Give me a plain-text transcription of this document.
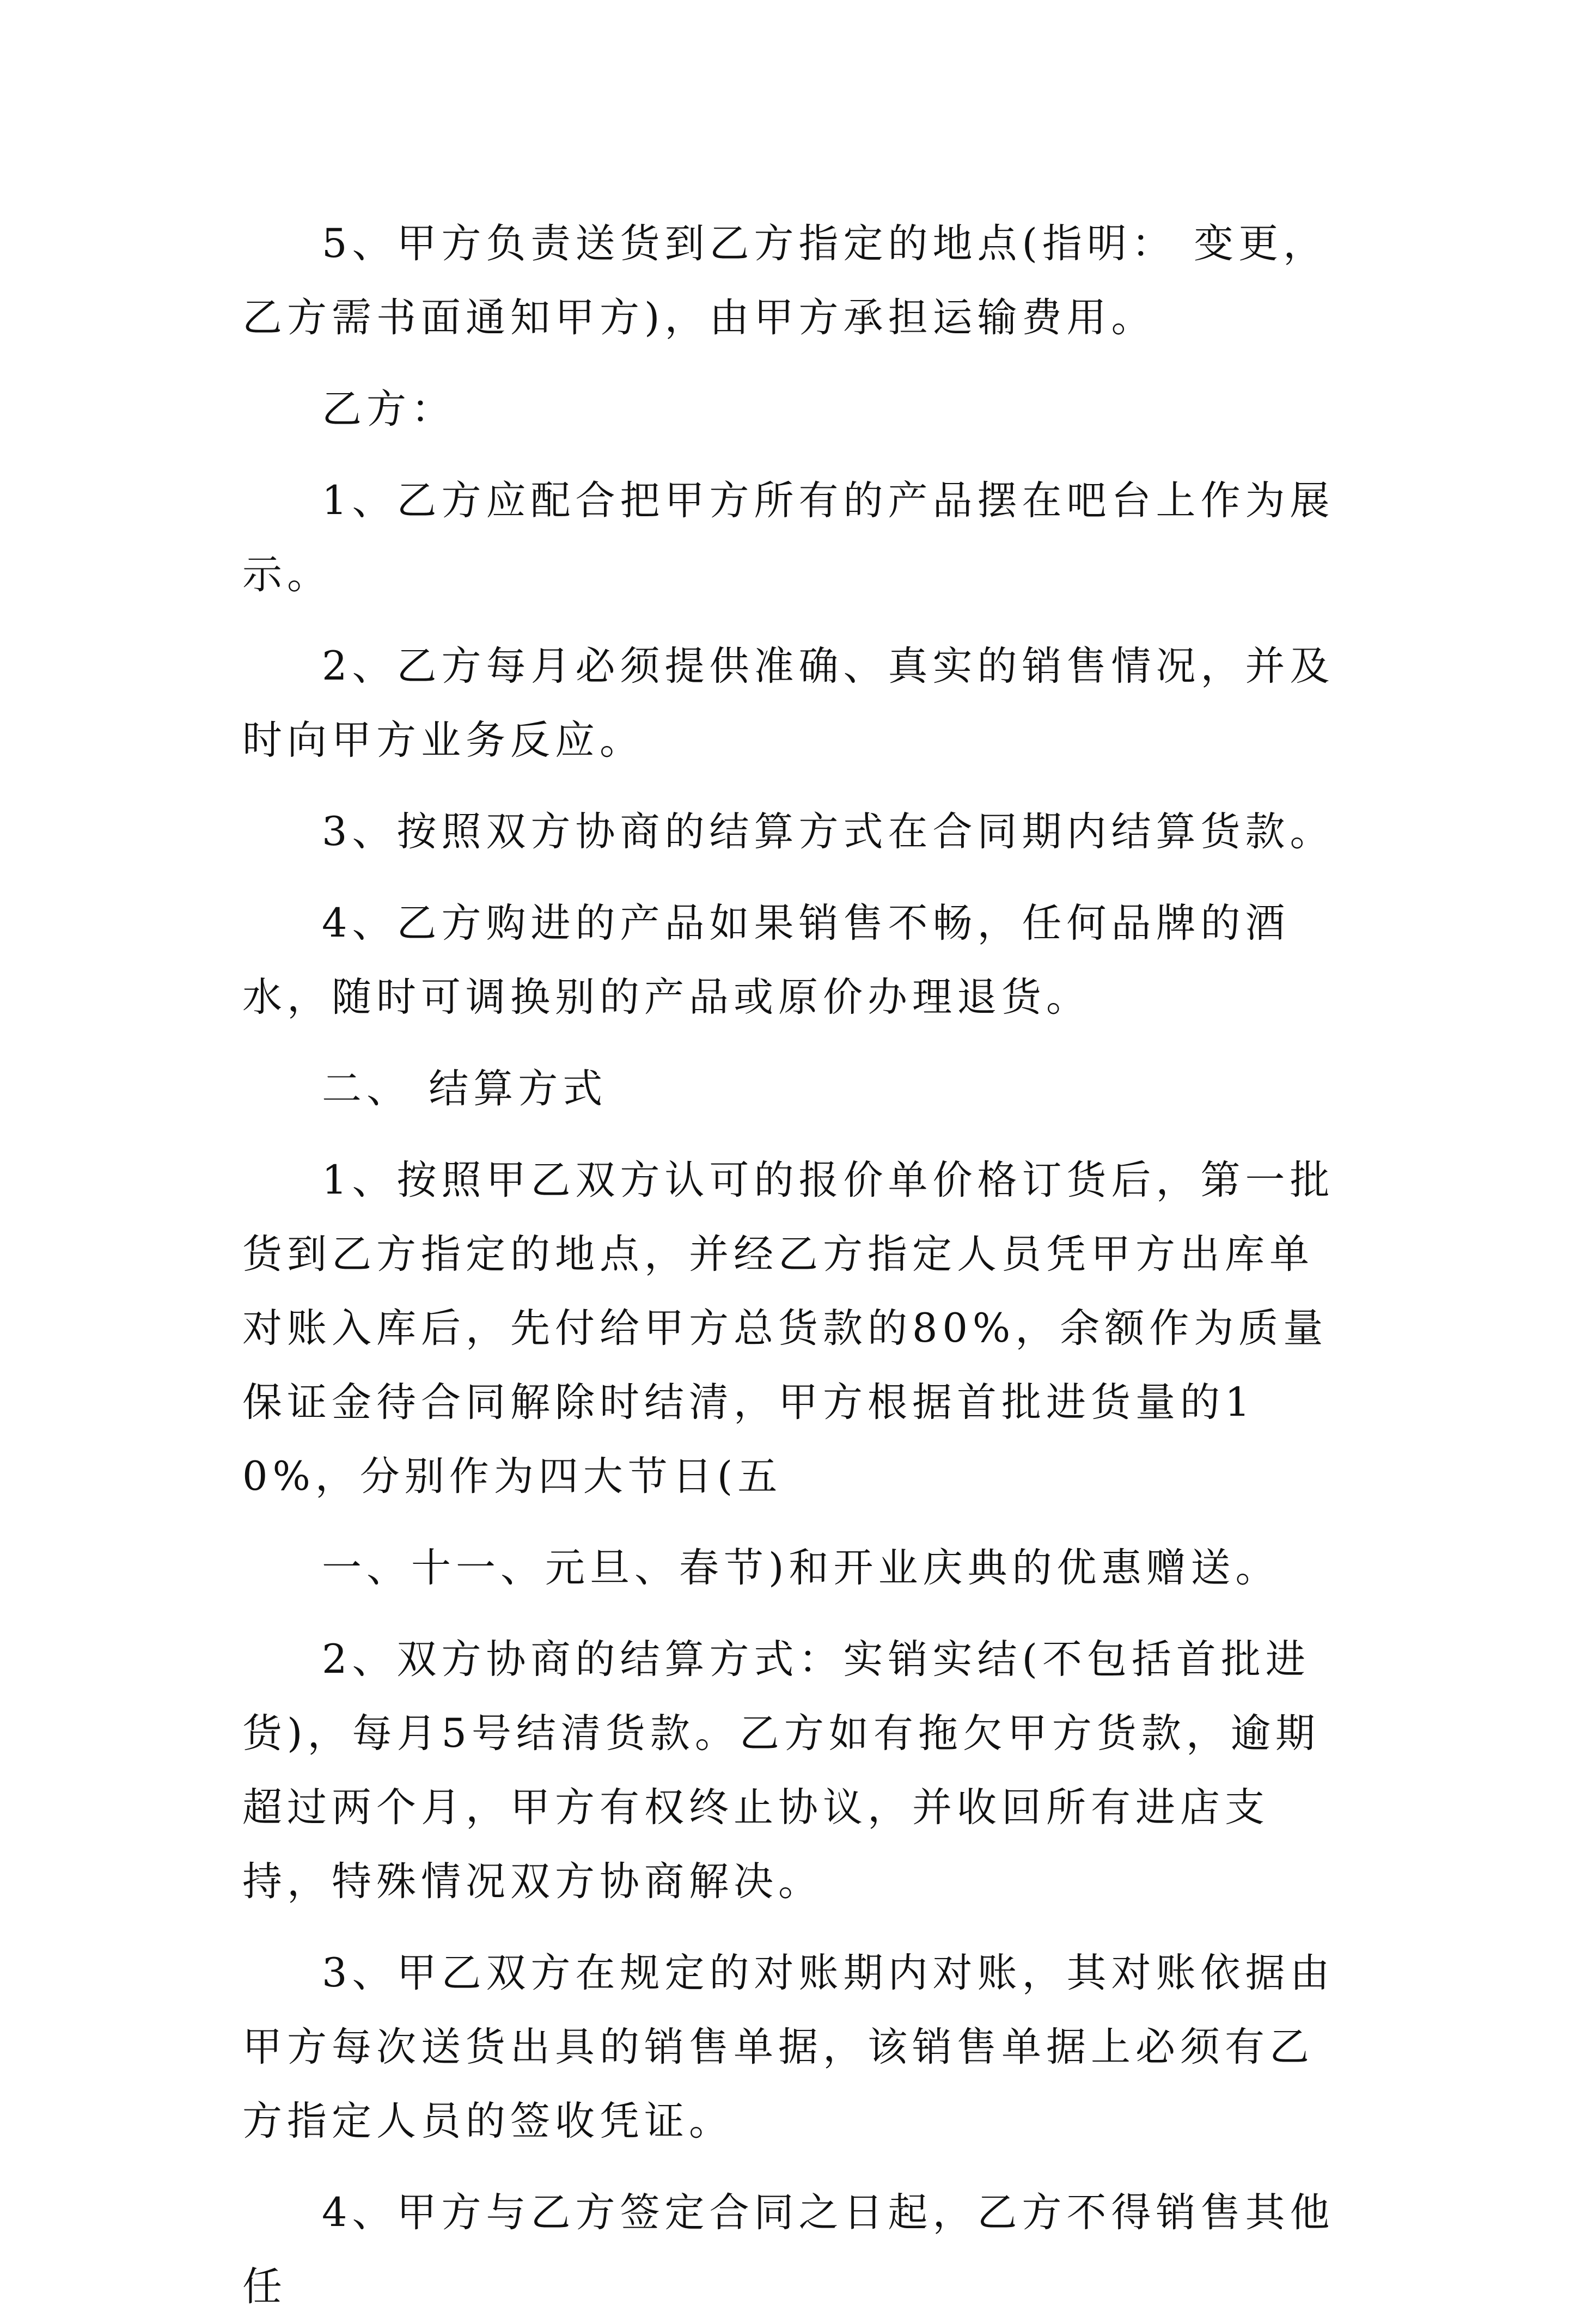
5、甲方负责送货到乙方指定的地点(指明： 变更，乙方需书面通知甲方)，由甲方承担运输费用。

乙方：

1、乙方应配合把甲方所有的产品摆在吧台上作为展示。

2、乙方每月必须提供准确、真实的销售情况，并及时向甲方业务反应。

3、按照双方协商的结算方式在合同期内结算货款。

4、乙方购进的产品如果销售不畅，任何品牌的酒水，随时可调换别的产品或原价办理退货。

二、 结算方式

1、按照甲乙双方认可的报价单价格订货后，第一批货到乙方指定的地点，并经乙方指定人员凭甲方出库单对账入库后，先付给甲方总货款的80%，余额作为质量保证金待合同解除时结清，甲方根据首批进货量的10%，分别作为四大节日(五

一、十一、元旦、春节)和开业庆典的优惠赠送。

2、双方协商的结算方式：实销实结(不包括首批进货)，每月5号结清货款。乙方如有拖欠甲方货款，逾期超过两个月，甲方有权终止协议，并收回所有进店支持，特殊情况双方协商解决。

3、甲乙双方在规定的对账期内对账，其对账依据由甲方每次送货出具的销售单据，该销售单据上必须有乙方指定人员的签收凭证。

4、甲方与乙方签定合同之日起，乙方不得销售其他任
